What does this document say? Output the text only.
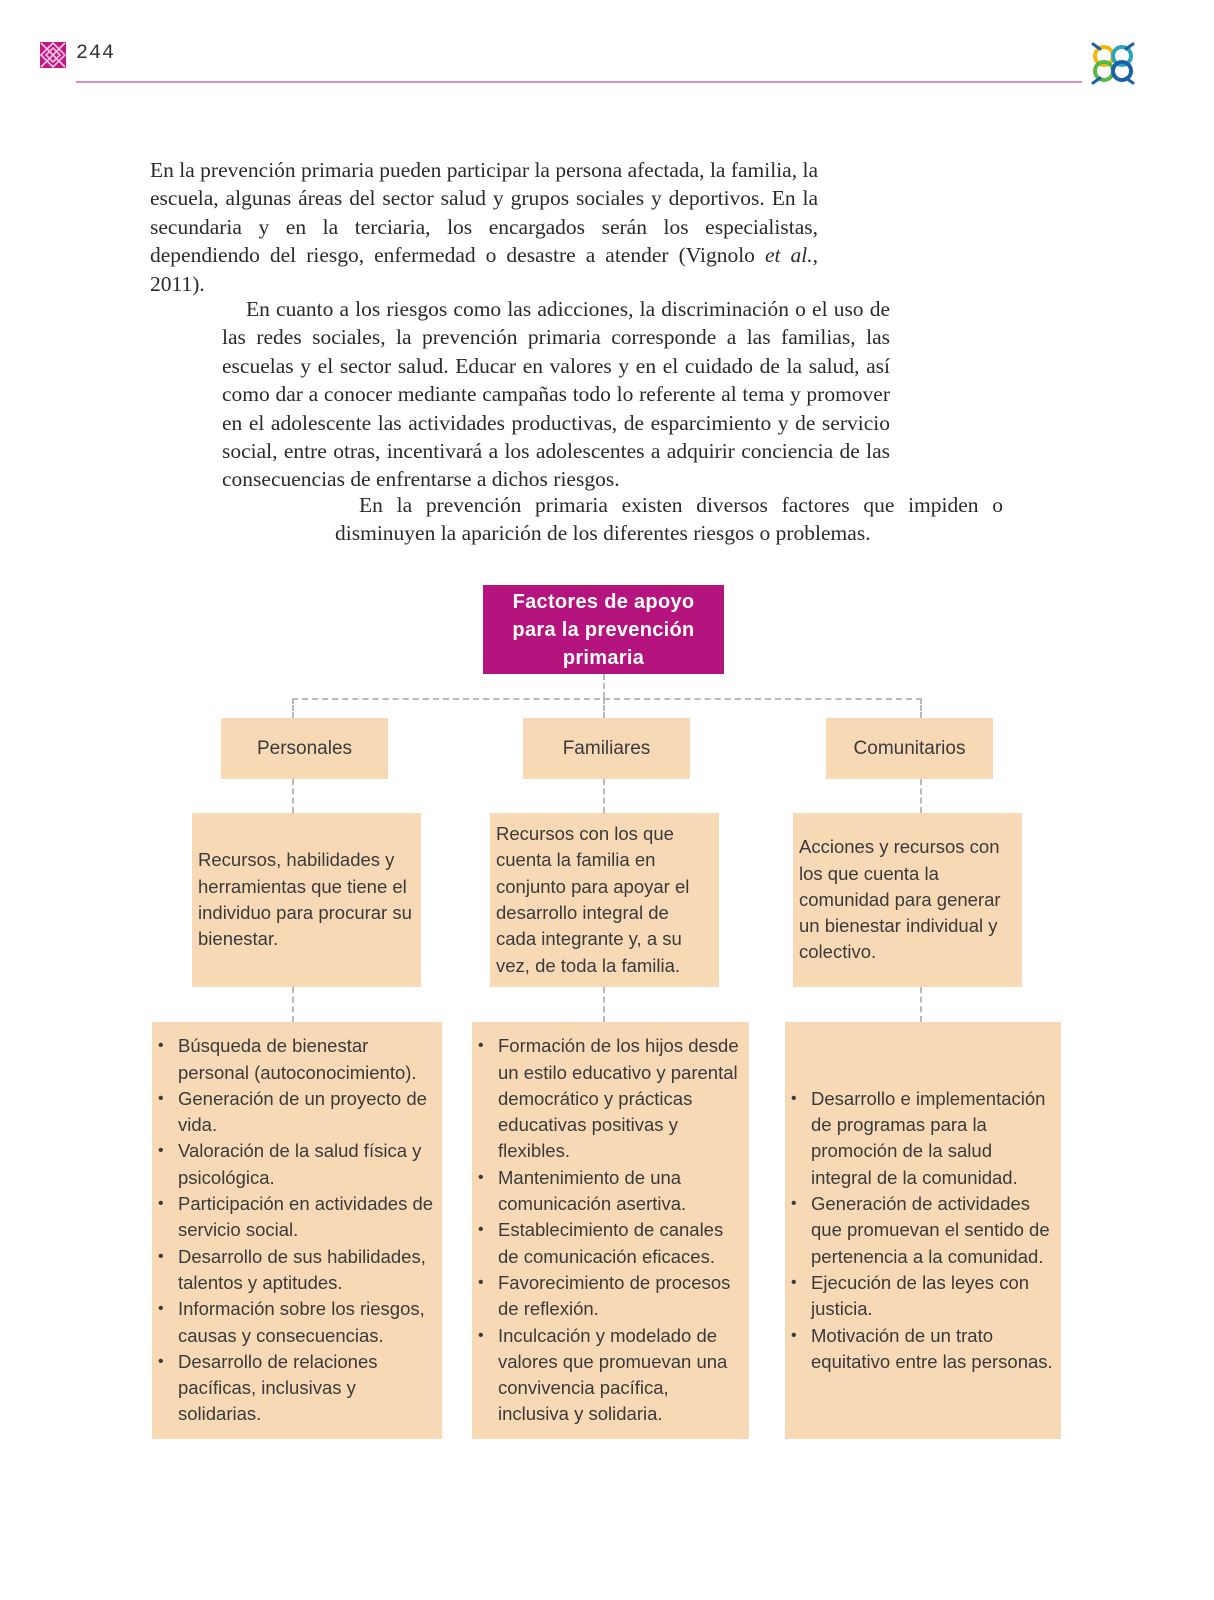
244

En la prevención primaria pueden participar la persona afectada, la familia, la escuela, algunas áreas del sector salud y grupos sociales y deportivos. En la secundaria y en la terciaria, los encargados serán los especialistas, dependiendo del riesgo, enfermedad o desastre a atender (Vignolo et al., 2011).

En cuanto a los riesgos como las adicciones, la discriminación o el uso de las redes sociales, la prevención primaria corresponde a las familias, las escuelas y el sector salud. Educar en valores y en el cuidado de la salud, así como dar a conocer mediante campañas todo lo referente al tema y promover en el adolescente las actividades productivas, de esparcimiento y de servicio social, entre otras, incentivará a los adolescentes a adquirir conciencia de las consecuencias de enfrentarse a dichos riesgos.

En la prevención primaria existen diversos factores que impiden o disminuyen la aparición de los diferentes riesgos o problemas.

Factores de apoyo para la prevención primaria
Personales	Familiares	Comunitarios
Recursos, habilidades y herramientas que tiene el individuo para procurar su bienestar.
Recursos con los que cuenta la familia en conjunto para apoyar el desarrollo integral de cada integrante y, a su vez, de toda la familia.
Acciones y recursos con los que cuenta la comunidad para generar un bienestar individual y colectivo.
• Búsqueda de bienestar personal (autoconocimiento).
• Generación de un proyecto de vida.
• Valoración de la salud física y psicológica.
• Participación en actividades de servicio social.
• Desarrollo de sus habilidades, talentos y aptitudes.
• Información sobre los riesgos, causas y consecuencias.
• Desarrollo de relaciones pacíficas, inclusivas y solidarias.
• Formación de los hijos desde un estilo educativo y parental democrático y prácticas educativas positivas y flexibles.
• Mantenimiento de una comunicación asertiva.
• Establecimiento de canales de comunicación eficaces.
• Favorecimiento de procesos de reflexión.
• Inculcación y modelado de valores que promuevan una convivencia pacífica, inclusiva y solidaria.
• Desarrollo e implementación de programas para la promoción de la salud integral de la comunidad.
• Generación de actividades que promuevan el sentido de pertenencia a la comunidad.
• Ejecución de las leyes con justicia.
• Motivación de un trato equitativo entre las personas.
